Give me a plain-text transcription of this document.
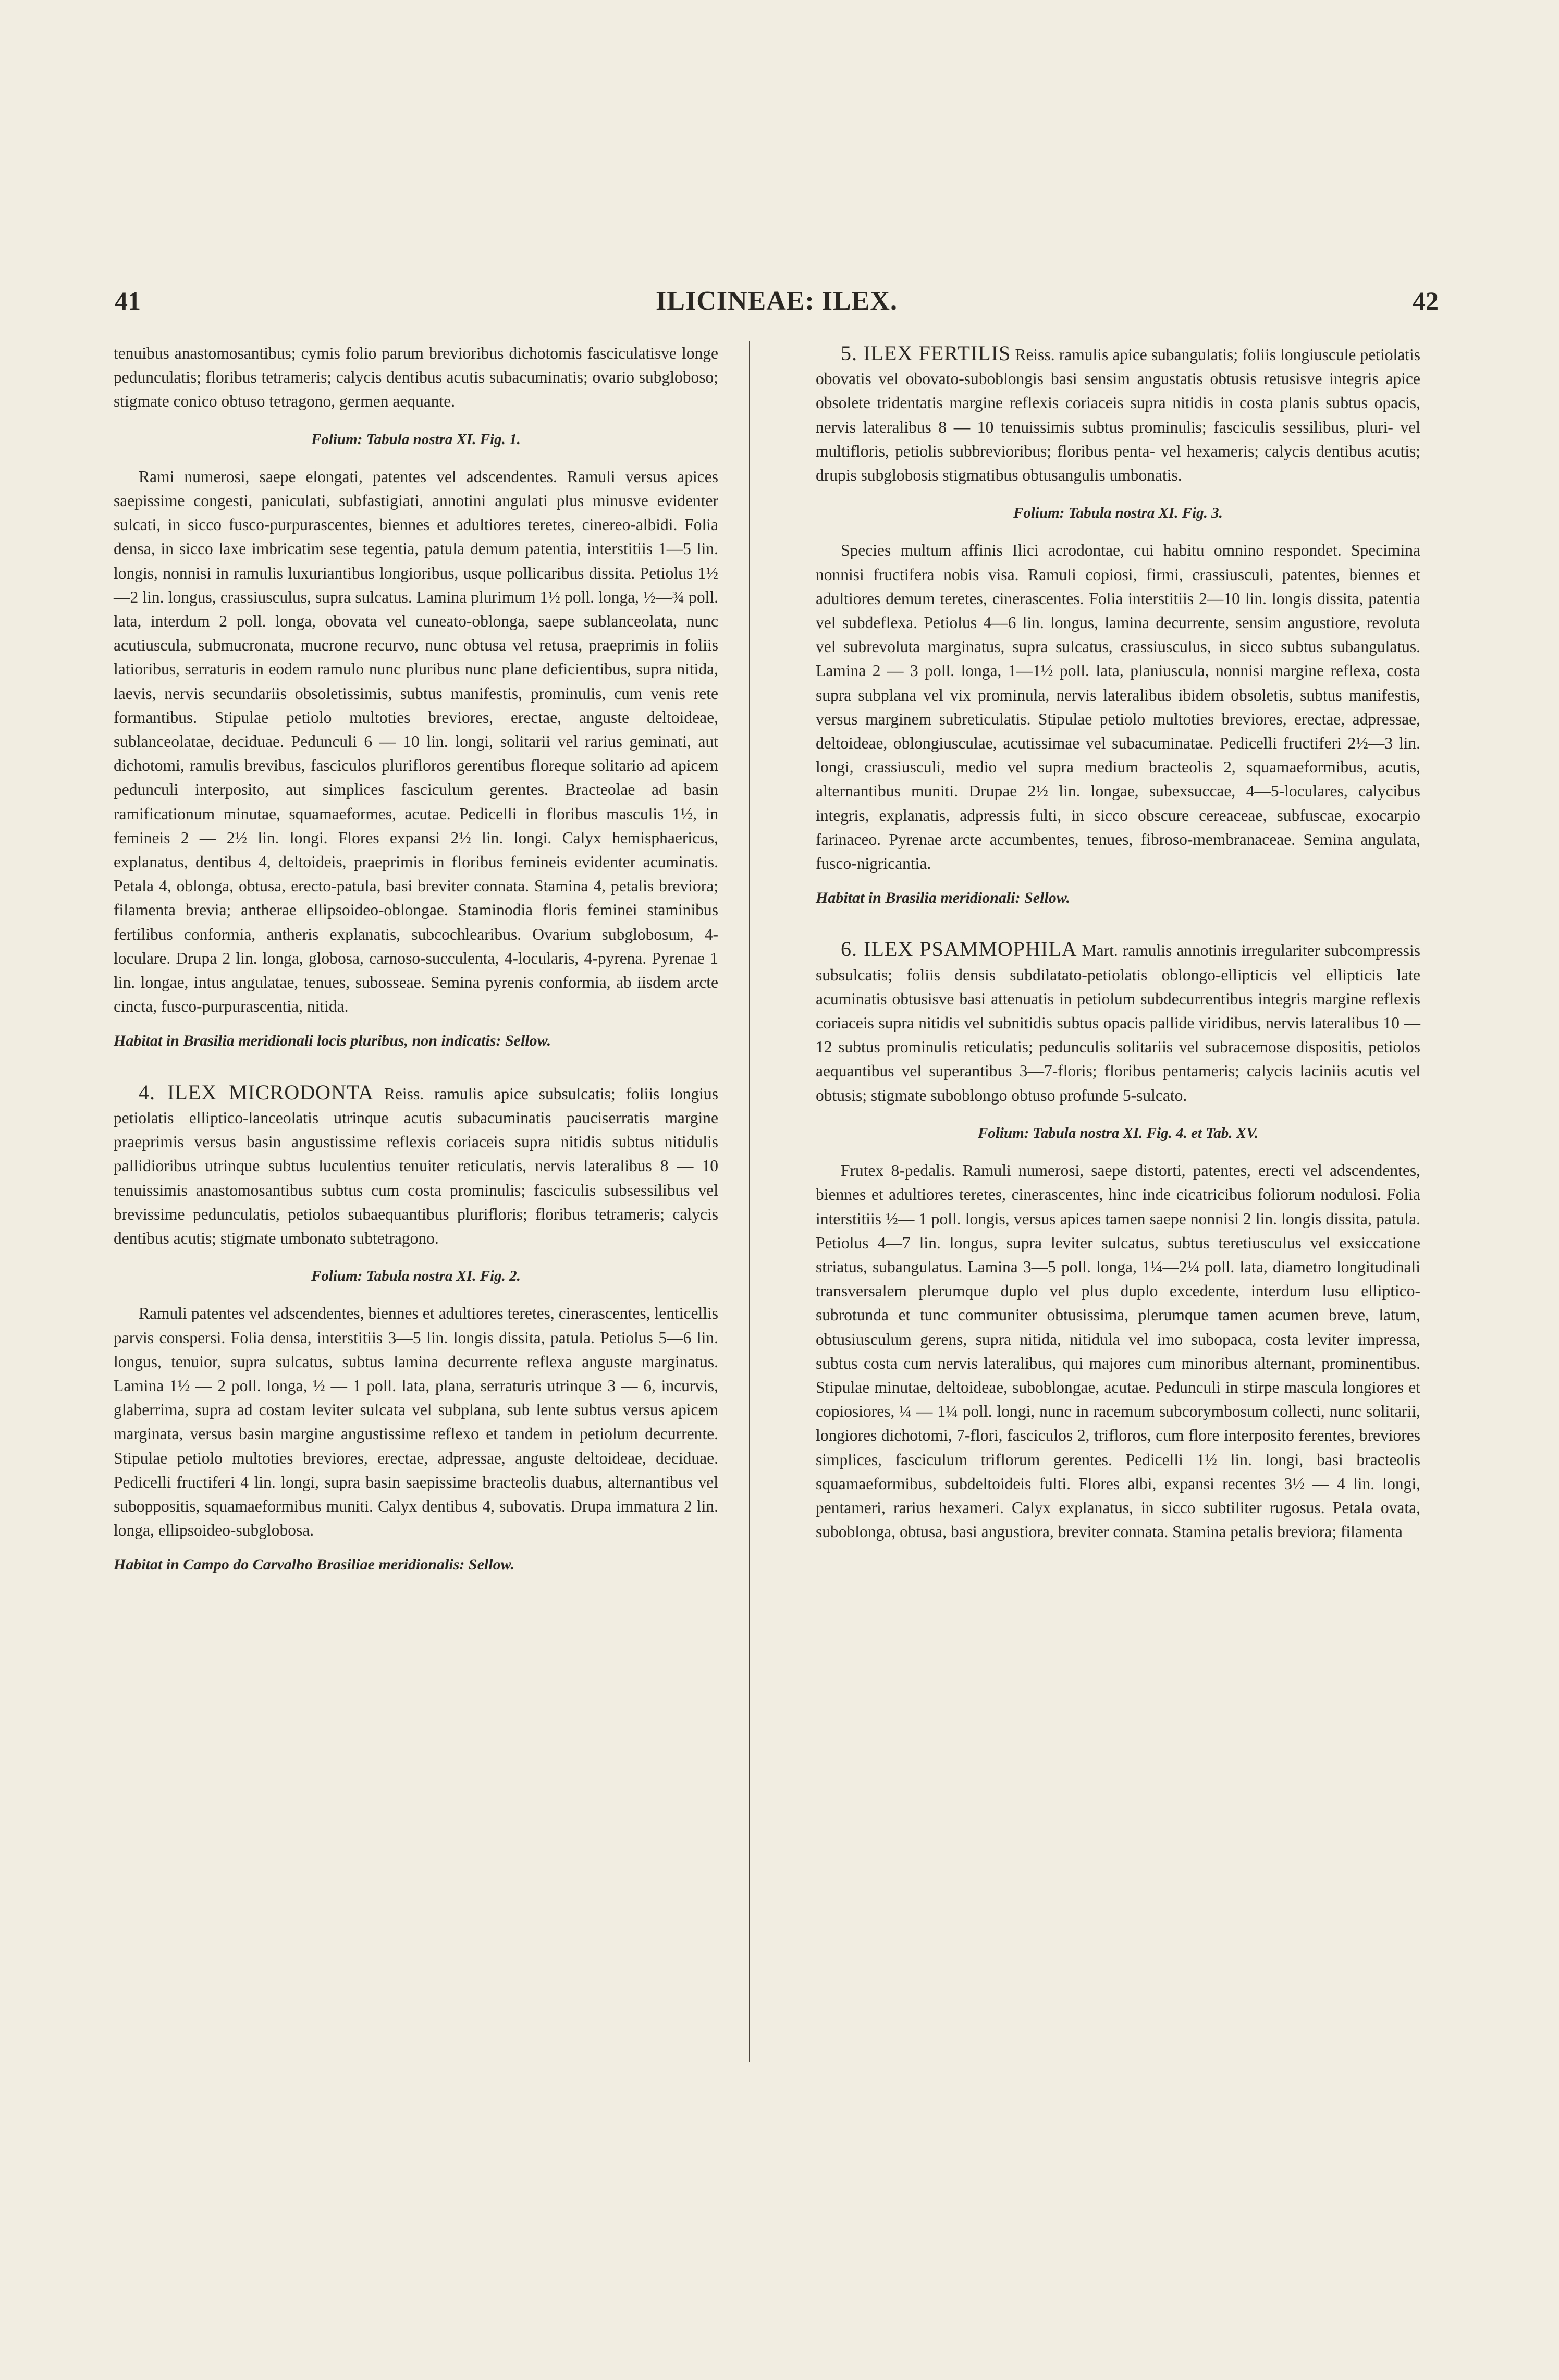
41	ILICINEAE: ILEX.	42

tenuibus anastomosantibus; cymis folio parum brevioribus dichotomis fasciculatisve longe pedunculatis; floribus tetrameris; calycis dentibus acutis subacuminatis; ovario subgloboso; stigmate conico obtuso tetragono, germen aequante.

Folium: Tabula nostra XI. Fig. 1.

Rami numerosi, saepe elongati, patentes vel adscendentes. Ramuli versus apices saepissime congesti, paniculati, subfastigiati, annotini angulati plus minusve evidenter sulcati, in sicco fusco-purpurascentes, biennes et adultiores teretes, cinereo-albidi. Folia densa, in sicco laxe imbricatim sese tegentia, patula demum patentia, interstitiis 1—5 lin. longis, nonnisi in ramulis luxuriantibus longioribus, usque pollicaribus dissita. Petiolus 1½—2 lin. longus, crassiusculus, supra sulcatus. Lamina plurimum 1½ poll. longa, ½—¾ poll. lata, interdum 2 poll. longa, obovata vel cuneato-oblonga, saepe sublanceolata, nunc acutiuscula, submucronata, mucrone recurvo, nunc obtusa vel retusa, praeprimis in foliis latioribus, serraturis in eodem ramulo nunc pluribus nunc plane deficientibus, supra nitida, laevis, nervis secundariis obsoletissimis, subtus manifestis, prominulis, cum venis rete formantibus. Stipulae petiolo multoties breviores, erectae, anguste deltoideae, sublanceolatae, deciduae. Pedunculi 6 — 10 lin. longi, solitarii vel rarius geminati, aut dichotomi, ramulis brevibus, fasciculos plurifloros gerentibus floreque solitario ad apicem pedunculi interposito, aut simplices fasciculum gerentes. Bracteolae ad basin ramificationum minutae, squamaeformes, acutae. Pedicelli in floribus masculis 1½, in femineis 2 — 2½ lin. longi. Flores expansi 2½ lin. longi. Calyx hemisphaericus, explanatus, dentibus 4, deltoideis, praeprimis in floribus femineis evidenter acuminatis. Petala 4, oblonga, obtusa, erecto-patula, basi breviter connata. Stamina 4, petalis breviora; filamenta brevia; antherae ellipsoideo-oblongae. Staminodia floris feminei staminibus fertilibus conformia, antheris explanatis, subcochlearibus. Ovarium subglobosum, 4-loculare. Drupa 2 lin. longa, globosa, carnoso-succulenta, 4-locularis, 4-pyrena. Pyrenae 1 lin. longae, intus angulatae, tenues, subosseae. Semina pyrenis conformia, ab iisdem arcte cincta, fusco-purpurascentia, nitida.

Habitat in Brasilia meridionali locis pluribus, non indicatis: Sellow.

4. ILEX MICRODONTA Reiss. ramulis apice subsulcatis; foliis longius petiolatis elliptico-lanceolatis utrinque acutis subacuminatis pauciserratis margine praeprimis versus basin angustissime reflexis coriaceis supra nitidis subtus nitidulis pallidioribus utrinque subtus luculentius tenuiter reticulatis, nervis lateralibus 8 — 10 tenuissimis anastomosantibus subtus cum costa prominulis; fasciculis subsessilibus vel brevissime pedunculatis, petiolos subaequantibus plurifloris; floribus tetrameris; calycis dentibus acutis; stigmate umbonato subtetragono.

Folium: Tabula nostra XI. Fig. 2.

Ramuli patentes vel adscendentes, biennes et adultiores teretes, cinerascentes, lenticellis parvis conspersi. Folia densa, interstitiis 3—5 lin. longis dissita, patula. Petiolus 5—6 lin. longus, tenuior, supra sulcatus, subtus lamina decurrente reflexa anguste marginatus. Lamina 1½ — 2 poll. longa, ½ — 1 poll. lata, plana, serraturis utrinque 3 — 6, incurvis, glaberrima, supra ad costam leviter sulcata vel subplana, sub lente subtus versus apicem marginata, versus basin margine angustissime reflexo et tandem in petiolum decurrente. Stipulae petiolo multoties breviores, erectae, adpressae, anguste deltoideae, deciduae. Pedicelli fructiferi 4 lin. longi, supra basin saepissime bracteolis duabus, alternantibus vel suboppositis, squamaeformibus muniti. Calyx dentibus 4, subovatis. Drupa immatura 2 lin. longa, ellipsoideo-subglobosa.

Habitat in Campo do Carvalho Brasiliae meridionalis: Sellow.

5. ILEX FERTILIS Reiss. ramulis apice subangulatis; foliis longiuscule petiolatis obovatis vel obovato-suboblongis basi sensim angustatis obtusis retusisve integris apice obsolete tridentatis margine reflexis coriaceis supra nitidis in costa planis subtus opacis, nervis lateralibus 8 — 10 tenuissimis subtus prominulis; fasciculis sessilibus, pluri- vel multifloris, petiolis subbrevioribus; floribus penta- vel hexameris; calycis dentibus acutis; drupis subglobosis stigmatibus obtusangulis umbonatis.

Folium: Tabula nostra XI. Fig. 3.

Species multum affinis Ilici acrodontae, cui habitu omnino respondet. Specimina nonnisi fructifera nobis visa. Ramuli copiosi, firmi, crassiusculi, patentes, biennes et adultiores demum teretes, cinerascentes. Folia interstitiis 2—10 lin. longis dissita, patentia vel subdeflexa. Petiolus 4—6 lin. longus, lamina decurrente, sensim angustiore, revoluta vel subrevoluta marginatus, supra sulcatus, crassiusculus, in sicco subtus subangulatus. Lamina 2 — 3 poll. longa, 1—1½ poll. lata, planiuscula, nonnisi margine reflexa, costa supra subplana vel vix prominula, nervis lateralibus ibidem obsoletis, subtus manifestis, versus marginem subreticulatis. Stipulae petiolo multoties breviores, erectae, adpressae, deltoideae, oblongiusculae, acutissimae vel subacuminatae. Pedicelli fructiferi 2½—3 lin. longi, crassiusculi, medio vel supra medium bracteolis 2, squamaeformibus, acutis, alternantibus muniti. Drupae 2½ lin. longae, subexsuccae, 4—5-loculares, calycibus integris, explanatis, adpressis fulti, in sicco obscure cereaceae, subfuscae, exocarpio farinaceo. Pyrenae arcte accumbentes, tenues, fibroso-membranaceae. Semina angulata, fusco-nigricantia.

Habitat in Brasilia meridionali: Sellow.

6. ILEX PSAMMOPHILA Mart. ramulis annotinis irregulariter subcompressis subsulcatis; foliis densis subdilatato-petiolatis oblongo-ellipticis vel ellipticis late acuminatis obtusisve basi attenuatis in petiolum subdecurrentibus integris margine reflexis coriaceis supra nitidis vel subnitidis subtus opacis pallide viridibus, nervis lateralibus 10 — 12 subtus prominulis reticulatis; pedunculis solitariis vel subracemose dispositis, petiolos aequantibus vel superantibus 3—7-floris; floribus pentameris; calycis laciniis acutis vel obtusis; stigmate suboblongo obtuso profunde 5-sulcato.

Folium: Tabula nostra XI. Fig. 4. et Tab. XV.

Frutex 8-pedalis. Ramuli numerosi, saepe distorti, patentes, erecti vel adscendentes, biennes et adultiores teretes, cinerascentes, hinc inde cicatricibus foliorum nodulosi. Folia interstitiis ½— 1 poll. longis, versus apices tamen saepe nonnisi 2 lin. longis dissita, patula. Petiolus 4—7 lin. longus, supra leviter sulcatus, subtus teretiusculus vel exsiccatione striatus, subangulatus. Lamina 3—5 poll. longa, 1¼—2¼ poll. lata, diametro longitudinali transversalem plerumque duplo vel plus duplo excedente, interdum lusu elliptico-subrotunda et tunc communiter obtusissima, plerumque tamen acumen breve, latum, obtusiusculum gerens, supra nitida, nitidula vel imo subopaca, costa leviter impressa, subtus costa cum nervis lateralibus, qui majores cum minoribus alternant, prominentibus. Stipulae minutae, deltoideae, suboblongae, acutae. Pedunculi in stirpe mascula longiores et copiosiores, ¼ — 1¼ poll. longi, nunc in racemum subcorymbosum collecti, nunc solitarii, longiores dichotomi, 7-flori, fasciculos 2, trifloros, cum flore interposito ferentes, breviores simplices, fasciculum triflorum gerentes. Pedicelli 1½ lin. longi, basi bracteolis squamaeformibus, subdeltoideis fulti. Flores albi, expansi recentes 3½ — 4 lin. longi, pentameri, rarius hexameri. Calyx explanatus, in sicco subtiliter rugosus. Petala ovata, suboblonga, obtusa, basi angustiora, breviter connata. Stamina petalis breviora; filamenta
